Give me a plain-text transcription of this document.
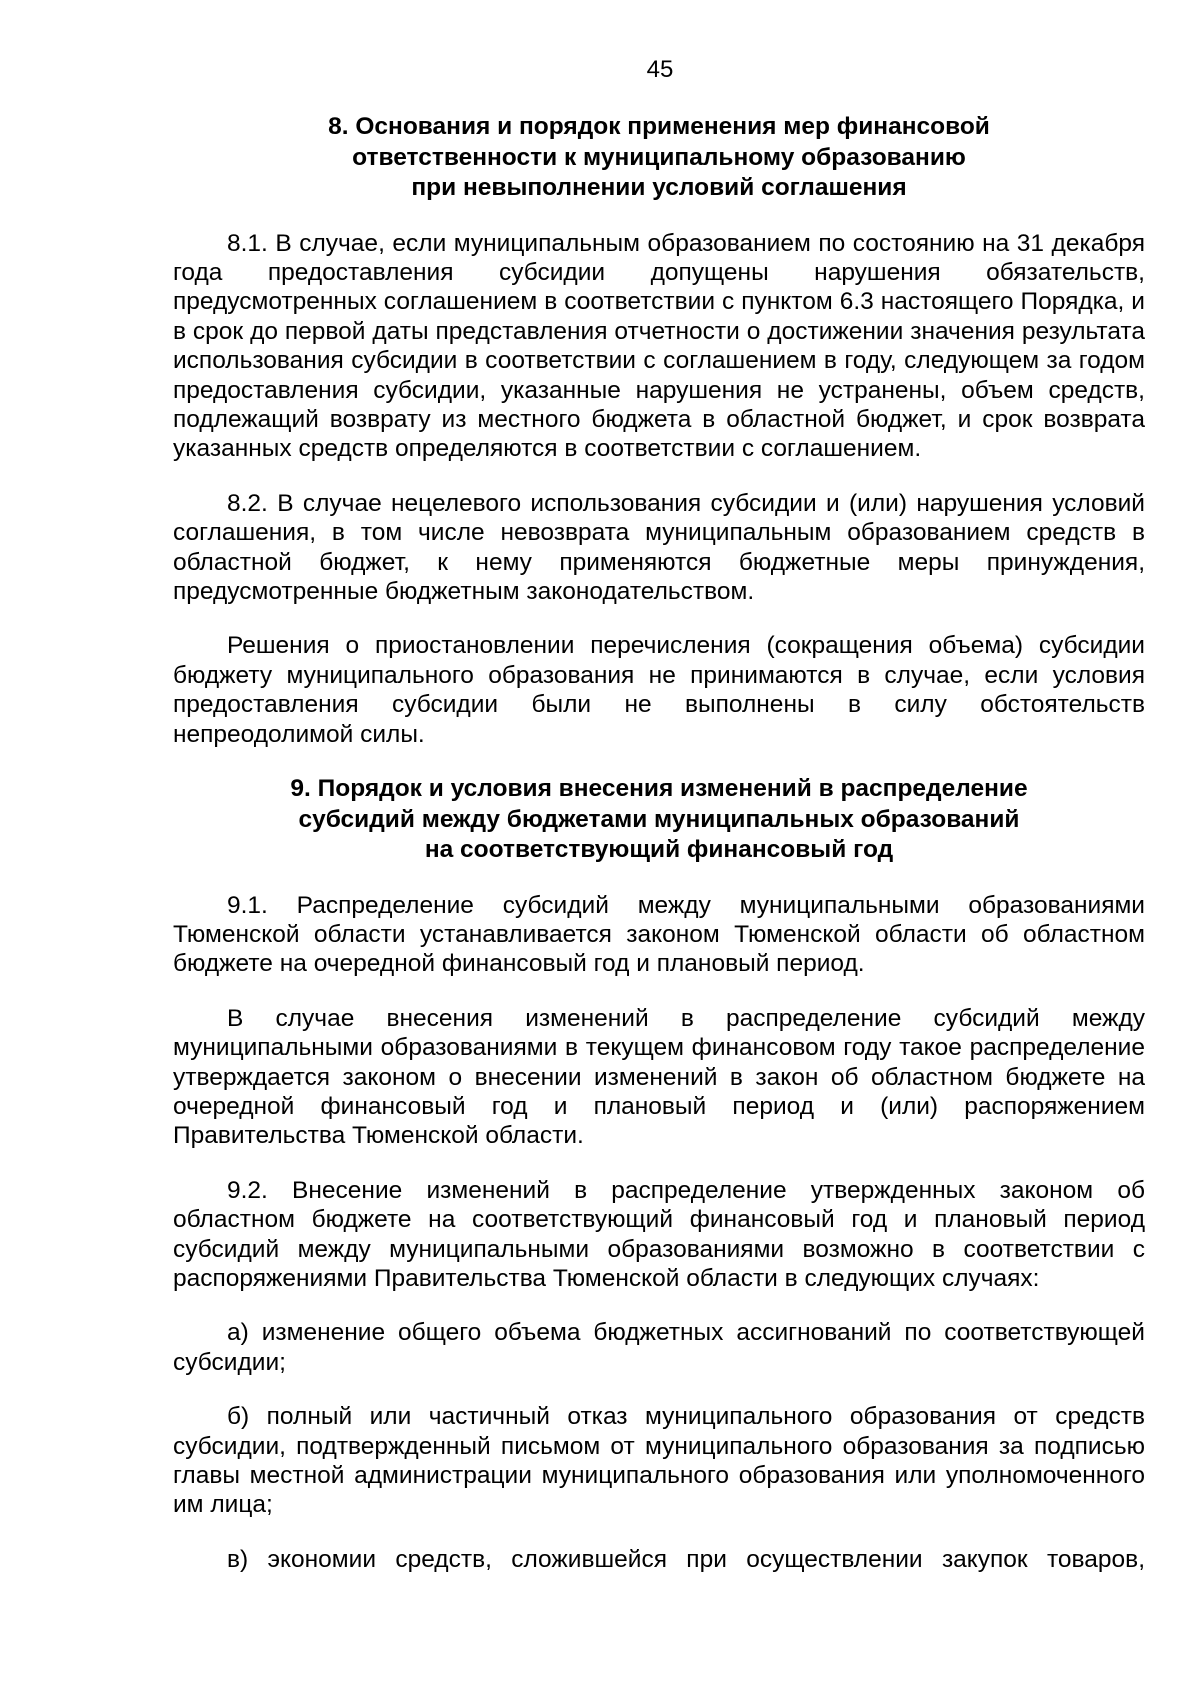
45
8. Основания и порядок применения мер финансовой
ответственности к муниципальному образованию
при невыполнении условий соглашения

8.1. В случае, если муниципальным образованием по состоянию на 31 декабря года предоставления субсидии допущены нарушения обязательств, предусмотренных соглашением в соответствии с пунктом 6.3 настоящего Порядка, и в срок до первой даты представления отчетности о достижении значения результата использования субсидии в соответствии с соглашением в году, следующем за годом предоставления субсидии, указанные нарушения не устранены, объем средств, подлежащий возврату из местного бюджета в областной бюджет, и срок возврата указанных средств определяются в соответствии с соглашением.

8.2. В случае нецелевого использования субсидии и (или) нарушения условий соглашения, в том числе невозврата муниципальным образованием средств в областной бюджет, к нему применяются бюджетные меры принуждения, предусмотренные бюджетным законодательством.

Решения о приостановлении перечисления (сокращения объема) субсидии бюджету муниципального образования не принимаются в случае, если условия предоставления субсидии были не выполнены в силу обстоятельств непреодолимой силы.

9. Порядок и условия внесения изменений в распределение
субсидий между бюджетами муниципальных образований
на соответствующий финансовый год

9.1. Распределение субсидий между муниципальными образованиями Тюменской области устанавливается законом Тюменской области об областном бюджете на очередной финансовый год и плановый период.

В случае внесения изменений в распределение субсидий между муниципальными образованиями в текущем финансовом году такое распределение утверждается законом о внесении изменений в закон об областном бюджете на очередной финансовый год и плановый период и (или) распоряжением Правительства Тюменской области.

9.2. Внесение изменений в распределение утвержденных законом об областном бюджете на соответствующий финансовый год и плановый период субсидий между муниципальными образованиями возможно в соответствии с распоряжениями Правительства Тюменской области в следующих случаях:

а) изменение общего объема бюджетных ассигнований по соответствующей субсидии;

б) полный или частичный отказ муниципального образования от средств субсидии, подтвержденный письмом от муниципального образования за подписью главы местной администрации муниципального образования или уполномоченного им лица;

в) экономии средств, сложившейся при осуществлении закупок товаров,
